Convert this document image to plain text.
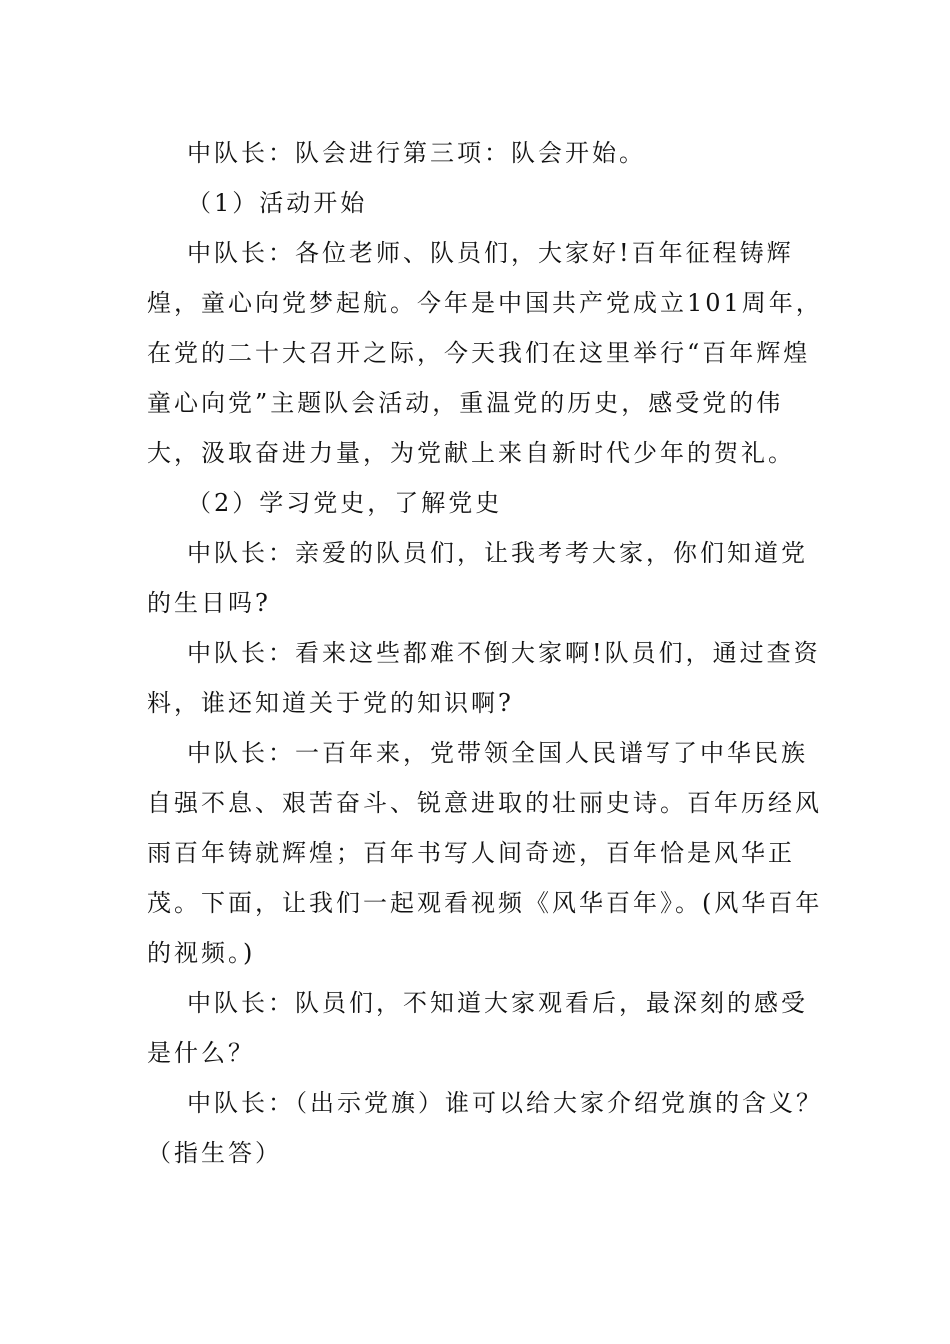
中队长：队会进行第三项：队会开始。

（1）活动开始

中队长：各位老师、队员们，大家好!百年征程铸辉煌，童心向党梦起航。今年是中国共产党成立101周年，在党的二十大召开之际，今天我们在这里举行“百年辉煌 童心向党”主题队会活动，重温党的历史，感受党的伟大，汲取奋进力量，为党献上来自新时代少年的贺礼。

（2）学习党史，了解党史

中队长：亲爱的队员们，让我考考大家，你们知道党的生日吗?

中队长：看来这些都难不倒大家啊!队员们，通过查资料，谁还知道关于党的知识啊?

中队长：一百年来，党带领全国人民谱写了中华民族自强不息、艰苦奋斗、锐意进取的壮丽史诗。百年历经风雨百年铸就辉煌；百年书写人间奇迹，百年恰是风华正茂。下面，让我们一起观看视频《风华百年》。(风华百年的视频。)

中队长：队员们，不知道大家观看后，最深刻的感受是什么？

中队长：（出示党旗）谁可以给大家介绍党旗的含义？（指生答）
